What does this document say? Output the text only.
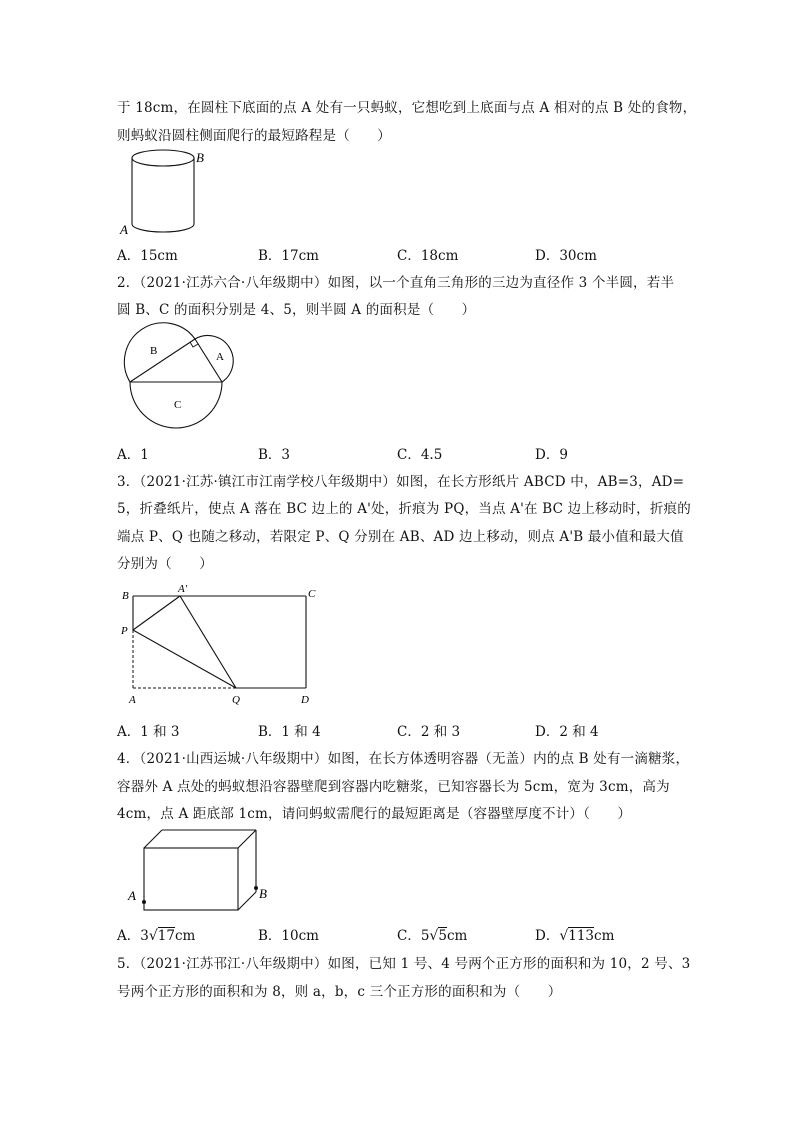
于 18cm，在圆柱下底面的点 A 处有一只蚂蚁，它想吃到上底面与点 A 相对的点 B 处的食物，
则蚂蚁沿圆柱侧面爬行的最短路程是（　　）
B
A
A．15cm	B．17cm	C．18cm	D．30cm
2．（2021·江苏六合·八年级期中）如图，以一个直角三角形的三边为直径作 3 个半圆，若半
圆 B、C 的面积分别是 4、5，则半圆 A 的面积是（　　）
B	A
C
A．1	B．3	C．4.5	D．9
3．（2021·江苏·镇江市江南学校八年级期中）如图，在长方形纸片 ABCD 中，AB=3，AD=
5，折叠纸片，使点 A 落在 BC 边上的 A'处，折痕为 PQ，当点 A'在 BC 边上移动时，折痕的
端点 P、Q 也随之移动，若限定 P、Q 分别在 AB、AD 边上移动，则点 A'B 最小值和最大值
分别为（　　）
B
A'	C
P
A	Q	D
A．1 和 3	B．1 和 4	C．2 和 3	D．2 和 4
4．（2021·山西运城·八年级期中）如图，在长方体透明容器（无盖）内的点 B 处有一滴糖浆，
容器外 A 点处的蚂蚁想沿容器壁爬到容器内吃糖浆，已知容器长为 5cm，宽为 3cm，高为
4cm，点 A 距底部 1cm，请问蚂蚁需爬行的最短距离是（容器壁厚度不计）（　　）
A	B
A．3√17cm	B．10cm	C．5√5cm	D．√113cm
5．（2021·江苏邗江·八年级期中）如图，已知 1 号、4 号两个正方形的面积和为 10，2 号、3
号两个正方形的面积和为 8，则 a，b，c 三个正方形的面积和为（　　）
